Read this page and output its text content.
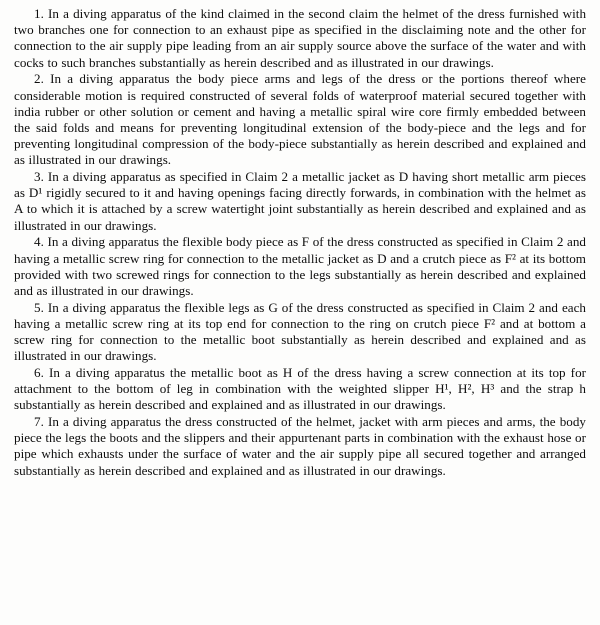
1. In a diving apparatus of the kind claimed in the second claim the helmet of the dress furnished with two branches one for connection to an exhaust pipe as specified in the disclaiming note and the other for connection to the air supply pipe leading from an air supply source above the surface of the water and with cocks to such branches substantially as herein described and as illustrated in our drawings.

2. In a diving apparatus the body piece arms and legs of the dress or the portions thereof where considerable motion is required constructed of several folds of waterproof material secured together with india rubber or other solution or cement and having a metallic spiral wire core firmly embedded between the said folds and means for preventing longitudinal extension of the body-piece and the legs and for preventing longitudinal compression of the body-piece substantially as herein described and explained and as illustrated in our drawings.

3. In a diving apparatus as specified in Claim 2 a metallic jacket as D having short metallic arm pieces as D¹ rigidly secured to it and having openings facing directly forwards, in combination with the helmet as A to which it is attached by a screw watertight joint substantially as herein described and explained and as illustrated in our drawings.

4. In a diving apparatus the flexible body piece as F of the dress constructed as specified in Claim 2 and having a metallic screw ring for connection to the metallic jacket as D and a crutch piece as F² at its bottom provided with two screwed rings for connection to the legs substantially as herein described and explained and as illustrated in our drawings.

5. In a diving apparatus the flexible legs as G of the dress constructed as specified in Claim 2 and each having a metallic screw ring at its top end for connection to the ring on crutch piece F² and at bottom a screw ring for connection to the metallic boot substantially as herein described and explained and as illustrated in our drawings.

6. In a diving apparatus the metallic boot as H of the dress having a screw connection at its top for attachment to the bottom of leg in combination with the weighted slipper H¹, H², H³ and the strap h substantially as herein described and explained and as illustrated in our drawings.

7. In a diving apparatus the dress constructed of the helmet, jacket with arm pieces and arms, the body piece the legs the boots and the slippers and their appurtenant parts in combination with the exhaust hose or pipe which exhausts under the surface of water and the air supply pipe all secured together and arranged substantially as herein described and explained and as illustrated in our drawings.
